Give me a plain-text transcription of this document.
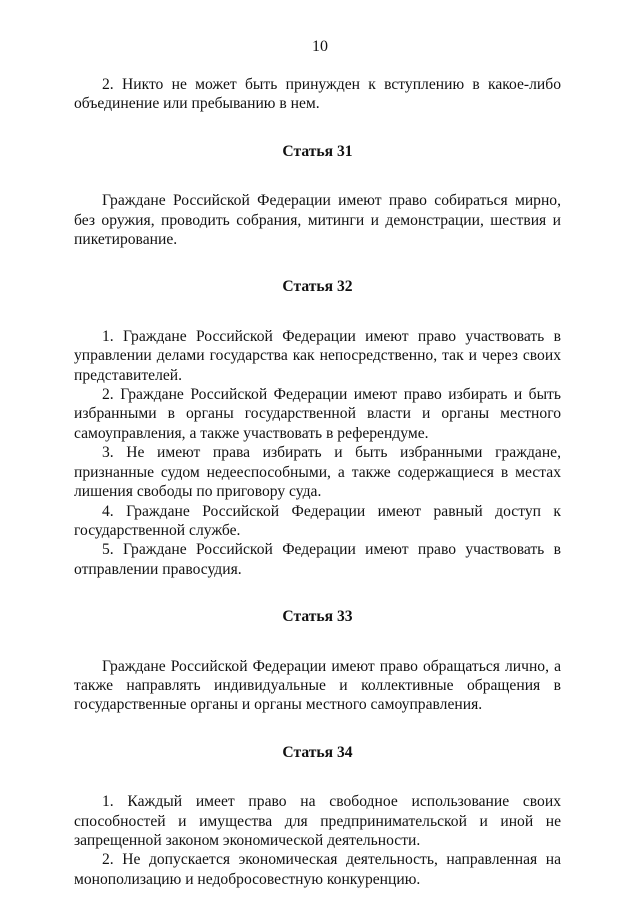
10

2. Никто не может быть принужден к вступлению в какое-либо объединение или пребыванию в нем.

Статья 31

Граждане Российской Федерации имеют право собираться мирно, без оружия, проводить собрания, митинги и демонстрации, шествия и пикетирование.

Статья 32

1. Граждане Российской Федерации имеют право участвовать в управлении делами государства как непосредственно, так и через своих представителей.

2. Граждане Российской Федерации имеют право избирать и быть избранными в органы государственной власти и органы местного самоуправления, а также участвовать в референдуме.

3. Не имеют права избирать и быть избранными граждане, признанные судом недееспособными, а также содержащиеся в местах лишения свободы по приговору суда.

4. Граждане Российской Федерации имеют равный доступ к государственной службе.

5. Граждане Российской Федерации имеют право участвовать в отправлении правосудия.

Статья 33

Граждане Российской Федерации имеют право обращаться лично, а также направлять индивидуальные и коллективные обращения в государственные органы и органы местного самоуправления.

Статья 34

1. Каждый имеет право на свободное использование своих способностей и имущества для предпринимательской и иной не запрещенной законом экономической деятельности.

2. Не допускается экономическая деятельность, направленная на монополизацию и недобросовестную конкуренцию.
